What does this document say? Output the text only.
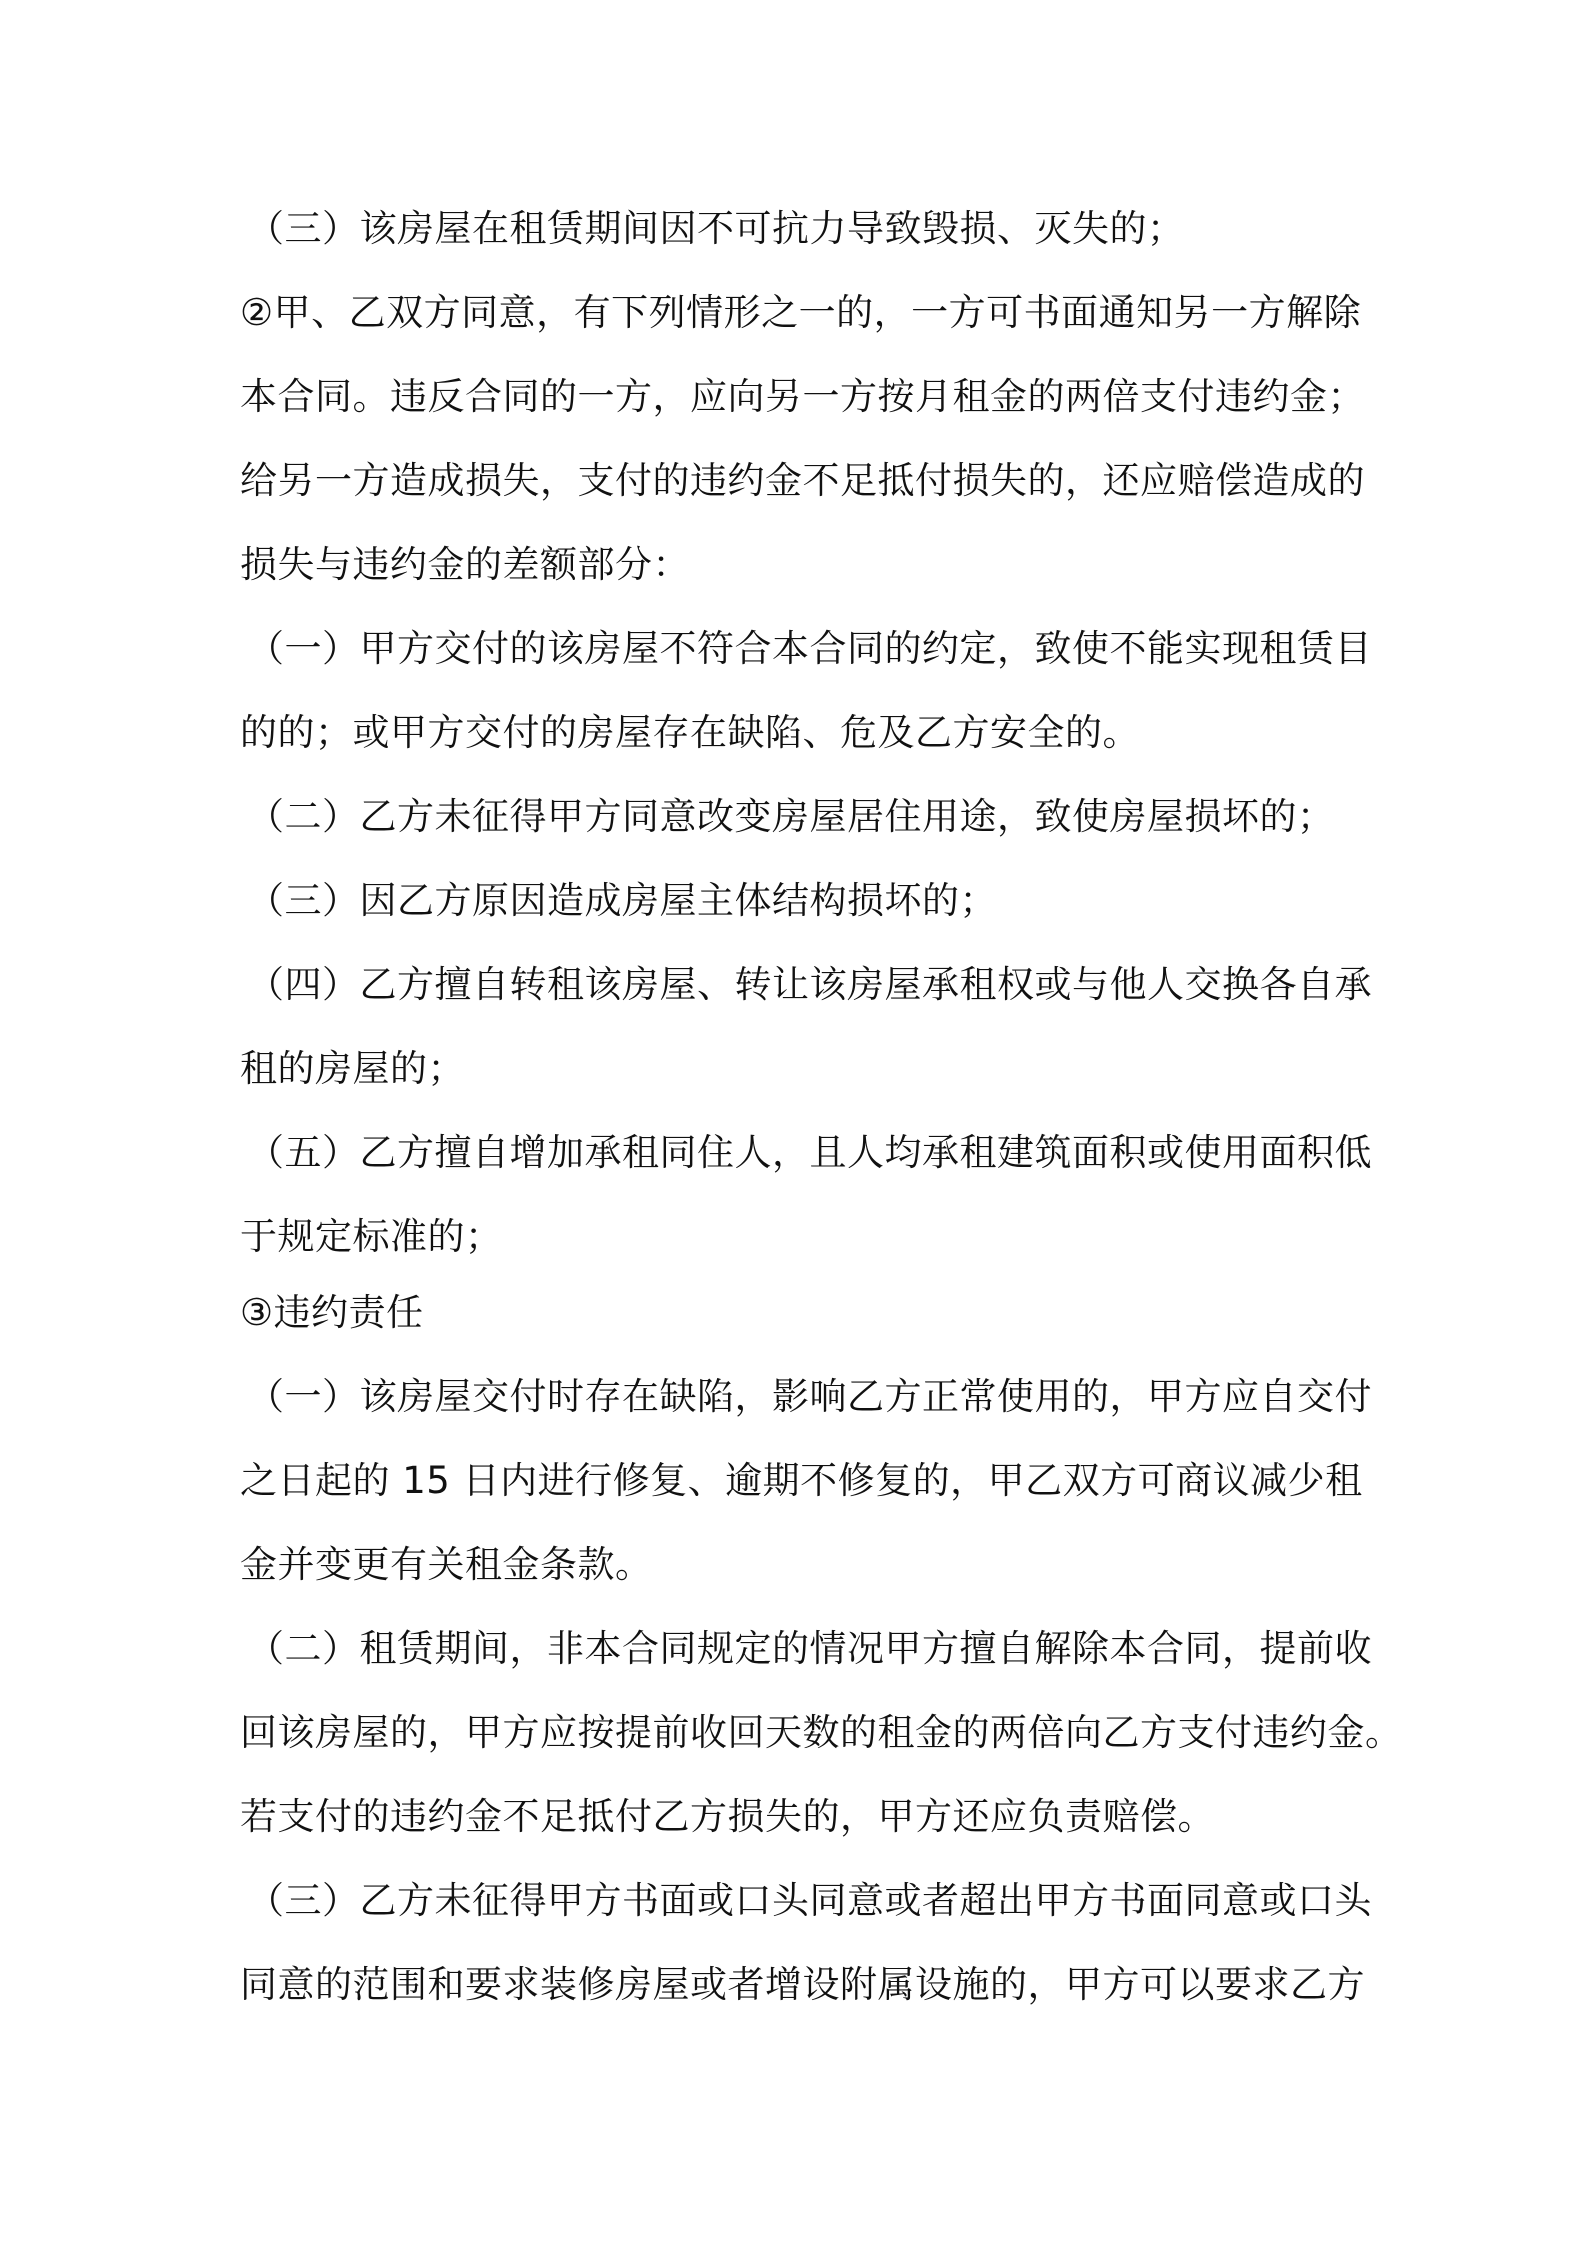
（三）该房屋在租赁期间因不可抗力导致毁损、灭失的；

②甲、乙双方同意，有下列情形之一的，一方可书面通知另一方解除

本合同。违反合同的一方，应向另一方按月租金的两倍支付违约金；

给另一方造成损失，支付的违约金不足抵付损失的，还应赔偿造成的

损失与违约金的差额部分：

（一）甲方交付的该房屋不符合本合同的约定，致使不能实现租赁目

的的；或甲方交付的房屋存在缺陷、危及乙方安全的。

（二）乙方未征得甲方同意改变房屋居住用途，致使房屋损坏的；

（三）因乙方原因造成房屋主体结构损坏的；

（四）乙方擅自转租该房屋、转让该房屋承租权或与他人交换各自承

租的房屋的；

（五）乙方擅自增加承租同住人，且人均承租建筑面积或使用面积低

于规定标准的；

③违约责任

（一）该房屋交付时存在缺陷，影响乙方正常使用的，甲方应自交付

之日起的 15 日内进行修复、逾期不修复的，甲乙双方可商议减少租

金并变更有关租金条款。

（二）租赁期间，非本合同规定的情况甲方擅自解除本合同，提前收

回该房屋的，甲方应按提前收回天数的租金的两倍向乙方支付违约金。

若支付的违约金不足抵付乙方损失的，甲方还应负责赔偿。

（三）乙方未征得甲方书面或口头同意或者超出甲方书面同意或口头

同意的范围和要求装修房屋或者增设附属设施的，甲方可以要求乙方
